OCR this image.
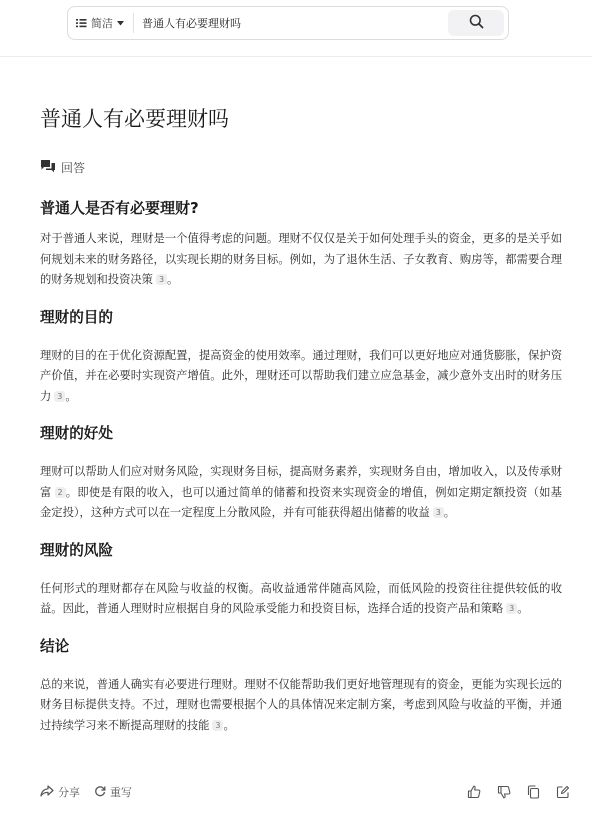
简洁
普通人有必要理财吗
普通人有必要理财吗
回答
普通人是否有必要理财?

对于普通人来说，理财是一个值得考虑的问题。理财不仅仅是关于如何处理手头的资金，更多的是关乎如何规划未来的财务路径，以实现长期的财务目标。例如，为了退休生活、子女教育、购房等，都需要合理的财务规划和投资决策 3 。

理财的目的

理财的目的在于优化资源配置，提高资金的使用效率。通过理财，我们可以更好地应对通货膨胀，保护资产价值，并在必要时实现资产增值。此外，理财还可以帮助我们建立应急基金，减少意外支出时的财务压力 3 。

理财的好处

理财可以帮助人们应对财务风险，实现财务目标，提高财务素养，实现财务自由，增加收入，以及传承财富 2 。即使是有限的收入，也可以通过简单的储蓄和投资来实现资金的增值，例如定期定额投资（如基金定投），这种方式可以在一定程度上分散风险，并有可能获得超出储蓄的收益 3 。

理财的风险

任何形式的理财都存在风险与收益的权衡。高收益通常伴随高风险，而低风险的投资往往提供较低的收益。因此，普通人理财时应根据自身的风险承受能力和投资目标，选择合适的投资产品和策略 3 。

结论

总的来说，普通人确实有必要进行理财。理财不仅能帮助我们更好地管理现有的资金，更能为实现长远的财务目标提供支持。不过，理财也需要根据个人的具体情况来定制方案，考虑到风险与收益的平衡，并通过持续学习来不断提高理财的技能 3 。

分享	重写
